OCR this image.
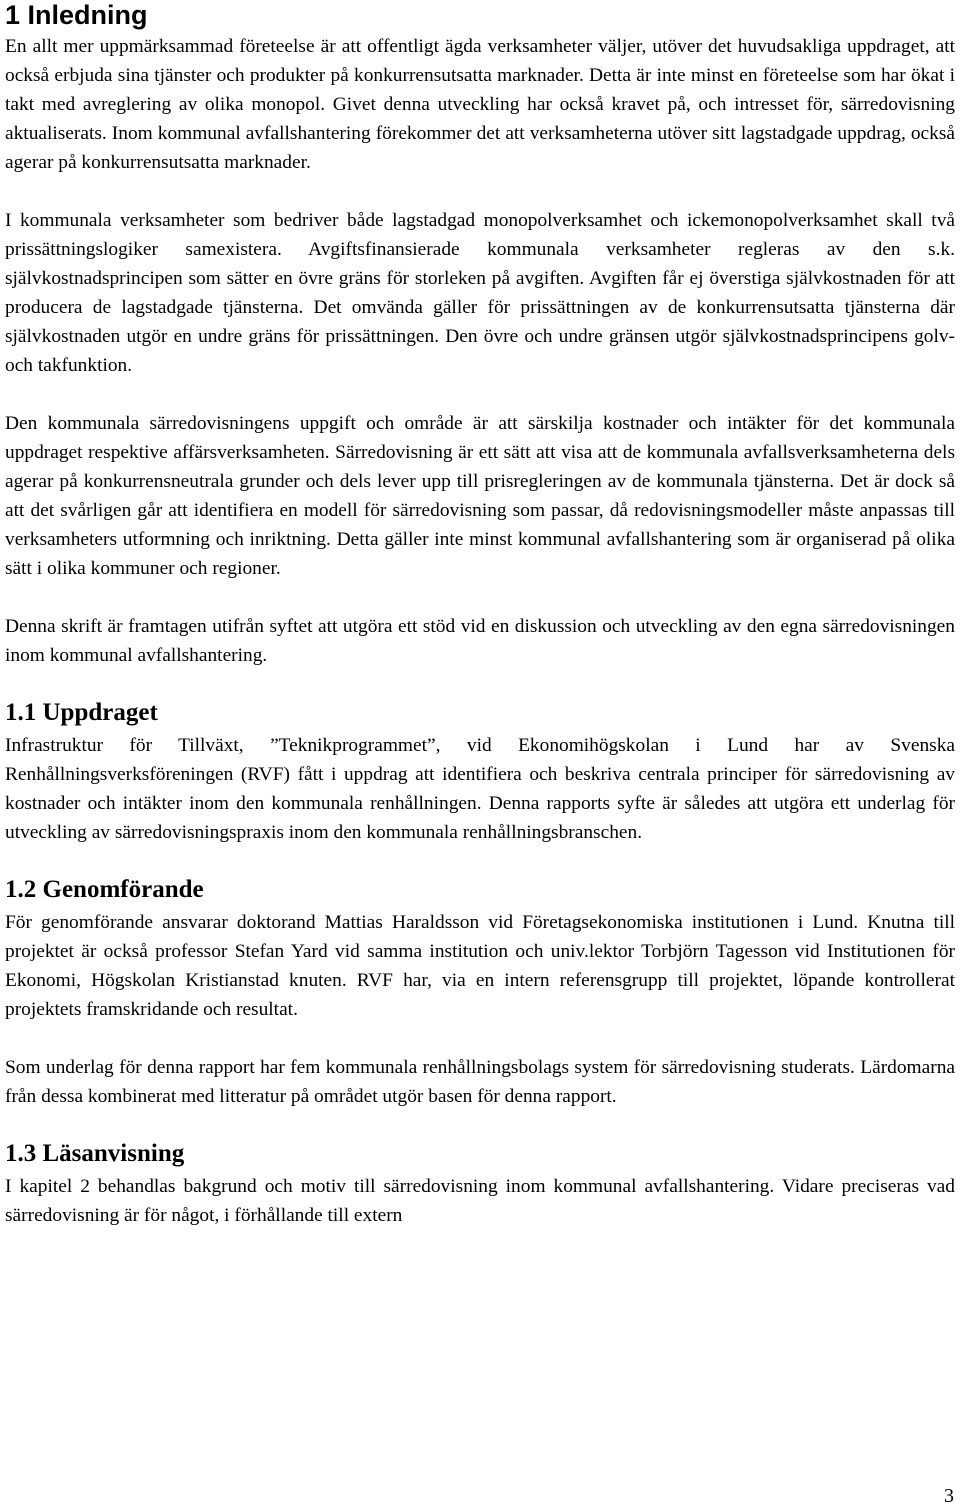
1 Inledning

En allt mer uppmärksammad företeelse är att offentligt ägda verksamheter väljer, utöver det huvudsakliga uppdraget, att också erbjuda sina tjänster och produkter på konkurrensutsatta marknader. Detta är inte minst en företeelse som har ökat i takt med avreglering av olika monopol. Givet denna utveckling har också kravet på, och intresset för, särredovisning aktualiserats. Inom kommunal avfallshantering förekommer det att verksamheterna utöver sitt lagstadgade uppdrag, också agerar på konkurrensutsatta marknader.

I kommunala verksamheter som bedriver både lagstadgad monopolverksamhet och ickemonopolverksamhet skall två prissättningslogiker samexistera. Avgiftsfinansierade kommunala verksamheter regleras av den s.k. självkostnadsprincipen som sätter en övre gräns för storleken på avgiften. Avgiften får ej överstiga självkostnaden för att producera de lagstadgade tjänsterna. Det omvända gäller för prissättningen av de konkurrensutsatta tjänsterna där självkostnaden utgör en undre gräns för prissättningen. Den övre och undre gränsen utgör självkostnadsprincipens golv- och takfunktion.

Den kommunala särredovisningens uppgift och område är att särskilja kostnader och intäkter för det kommunala uppdraget respektive affärsverksamheten. Särredovisning är ett sätt att visa att de kommunala avfallsverksamheterna dels agerar på konkurrensneutrala grunder och dels lever upp till prisregleringen av de kommunala tjänsterna. Det är dock så att det svårligen går att identifiera en modell för särredovisning som passar, då redovisningsmodeller måste anpassas till verksamheters utformning och inriktning. Detta gäller inte minst kommunal avfallshantering som är organiserad på olika sätt i olika kommuner och regioner.

Denna skrift är framtagen utifrån syftet att utgöra ett stöd vid en diskussion och utveckling av den egna särredovisningen inom kommunal avfallshantering.

1.1 Uppdraget

Infrastruktur för Tillväxt, ”Teknikprogrammet”, vid Ekonomihögskolan i Lund har av Svenska Renhållningsverksföreningen (RVF) fått i uppdrag att identifiera och beskriva centrala principer för särredovisning av kostnader och intäkter inom den kommunala renhållningen. Denna rapports syfte är således att utgöra ett underlag för utveckling av särredovisningspraxis inom den kommunala renhållningsbranschen.

1.2 Genomförande

För genomförande ansvarar doktorand Mattias Haraldsson vid Företagsekonomiska institutionen i Lund. Knutna till projektet är också professor Stefan Yard vid samma institution och univ.lektor Torbjörn Tagesson vid Institutionen för Ekonomi, Högskolan Kristianstad knuten. RVF har, via en intern referensgrupp till projektet, löpande kontrollerat projektets framskridande och resultat.

Som underlag för denna rapport har fem kommunala renhållningsbolags system för särredovisning studerats. Lärdomarna från dessa kombinerat med litteratur på området utgör basen för denna rapport.

1.3 Läsanvisning

I kapitel 2 behandlas bakgrund och motiv till särredovisning inom kommunal avfallshantering. Vidare preciseras vad särredovisning är för något, i förhållande till extern

3
